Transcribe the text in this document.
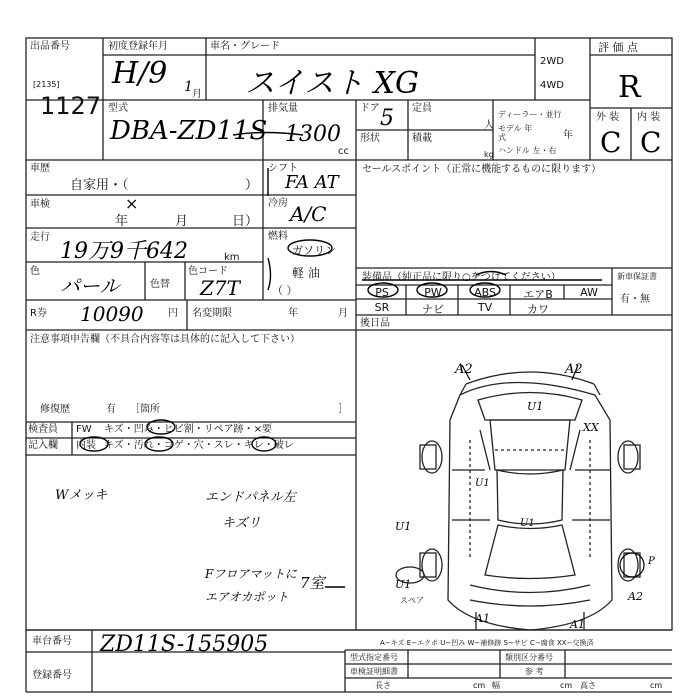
出品番号
[2135]
1127
初度登録年月	車名・グレード
H/9 1 月 スイスト XG
2WD
4WD
評 価 点
R
外 装 内 装
C C
型式
DBA-ZD11S
排気量
1300
cc
ドア 5
形状
定員
人
積載
kg
ディーラー・並行
モデル 年式	年
ハンドル 左・右
車歴
自家用・（	）
シフト
FA AT
車検	×
年	月	日）
冷房 A/C
走行
19万9千642	km
燃料
ガソリン
軽 油
（ ）
色
パール	色替
色コード
Z7T
R券 10090 円 名変期限	年	月
セールスポイント（正常に機能するものに限ります）
装備品（純正品に限り○をつけてください）
PS	PW	ABS	エアB	AW
SR	ナビ	TV	カワ
新車保証書
有・無
後日品
注意事項申告欄（不具合内容等は具体的に記入して下さい）
修復歴	有 ［箇所	］
検査員
記入欄
FW キズ・凹み・ヒビ割・リペア跡・×要
内装 キズ・汚れ・コゲ・穴・スレ・キレ・破レ
Wメッキ	エンドパネル左
キズリ
Fフロアマットに
エアオカポット
7室
A2	A2
U1
XX
U1
U1
A2
A1	A1
U1
U1
P
スペア
車台番号 ZD11S-155905
登録番号
A−キズ E−エクボ U−凹み W−補修跡 S−サビ C−腐食 XX−交換済
型式指定番号	類別区分番号
車検証明細書	参 考
長さ	cm 幅	cm 高さ	cm
